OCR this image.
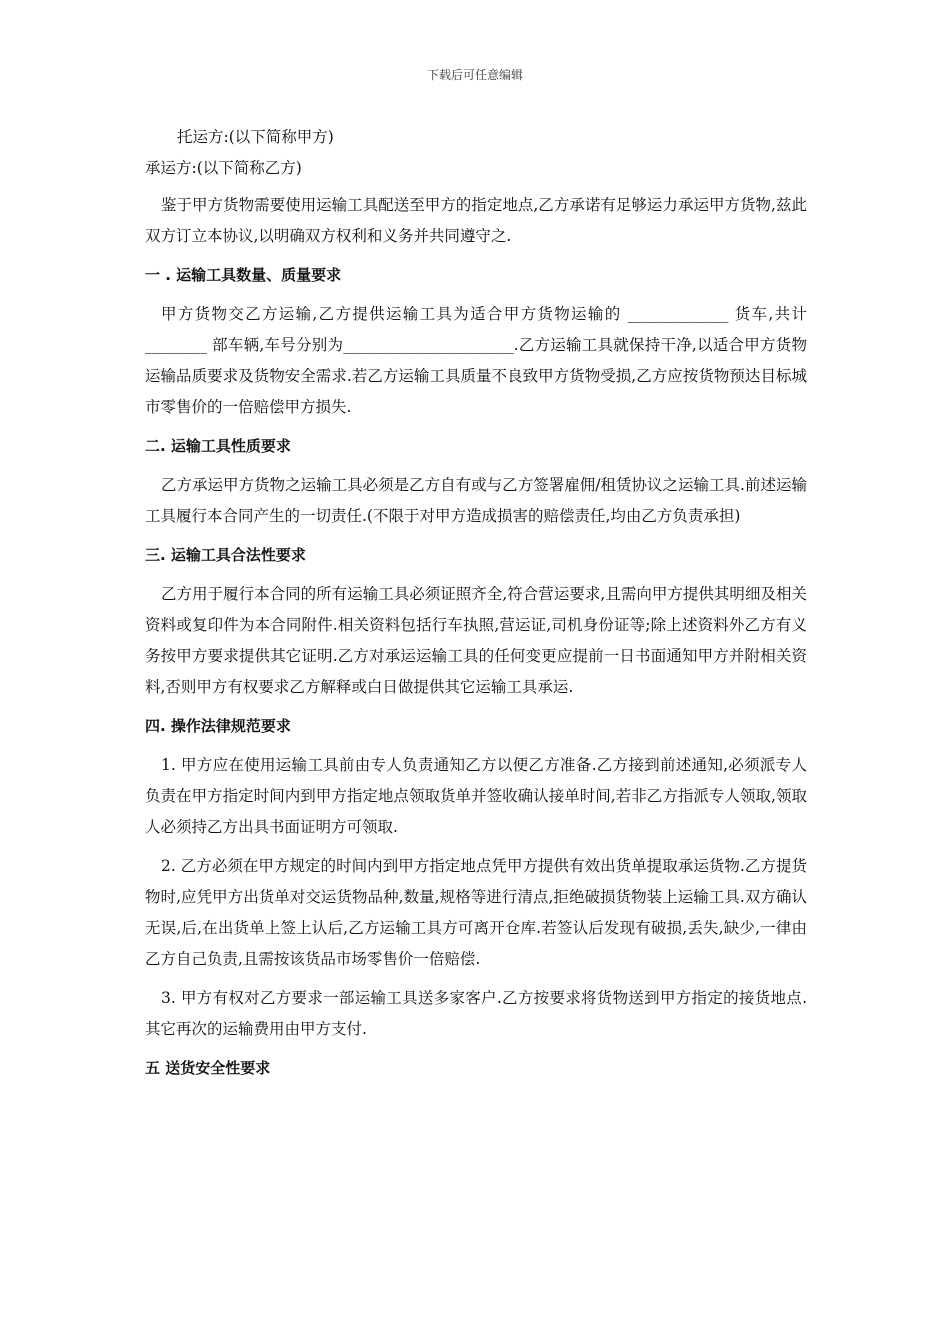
下载后可任意编辑

托运方:(以下简称甲方)

承运方:(以下简称乙方)

鉴于甲方货物需要使用运输工具配送至甲方的指定地点,乙方承诺有足够运力承运甲方货物,兹此双方订立本协议,以明确双方权利和义务并共同遵守之.

一 . 运输工具数量、质量要求

甲方货物交乙方运输,乙方提供运输工具为适合甲方货物运输的 _____________ 货车,共计 ________ 部车辆,车号分别为______________________.乙方运输工具就保持干净,以适合甲方货物运输品质要求及货物安全需求.若乙方运输工具质量不良致甲方货物受损,乙方应按货物预达目标城市零售价的一倍赔偿甲方损失.

二. 运输工具性质要求

乙方承运甲方货物之运输工具必须是乙方自有或与乙方签署雇佣/租赁协议之运输工具.前述运输工具履行本合同产生的一切责任.(不限于对甲方造成损害的赔偿责任,均由乙方负责承担)

三. 运输工具合法性要求

乙方用于履行本合同的所有运输工具必须证照齐全,符合营运要求,且需向甲方提供其明细及相关资料或复印件为本合同附件.相关资料包括行车执照,营运证,司机身份证等;除上述资料外乙方有义务按甲方要求提供其它证明.乙方对承运运输工具的任何变更应提前一日书面通知甲方并附相关资料,否则甲方有权要求乙方解释或白日做提供其它运输工具承运.

四. 操作法律规范要求

1. 甲方应在使用运输工具前由专人负责通知乙方以便乙方准备.乙方接到前述通知,必须派专人负责在甲方指定时间内到甲方指定地点领取货单并签收确认接单时间,若非乙方指派专人领取,领取人必须持乙方出具书面证明方可领取.

2. 乙方必须在甲方规定的时间内到甲方指定地点凭甲方提供有效出货单提取承运货物.乙方提货物时,应凭甲方出货单对交运货物品种,数量,规格等进行清点,拒绝破损货物装上运输工具.双方确认无误,后,在出货单上签上认后,乙方运输工具方可离开仓库.若签认后发现有破损,丢失,缺少,一律由乙方自己负责,且需按该货品市场零售价一倍赔偿.

3. 甲方有权对乙方要求一部运输工具送多家客户.乙方按要求将货物送到甲方指定的接货地点.其它再次的运输费用由甲方支付.

五 送货安全性要求
